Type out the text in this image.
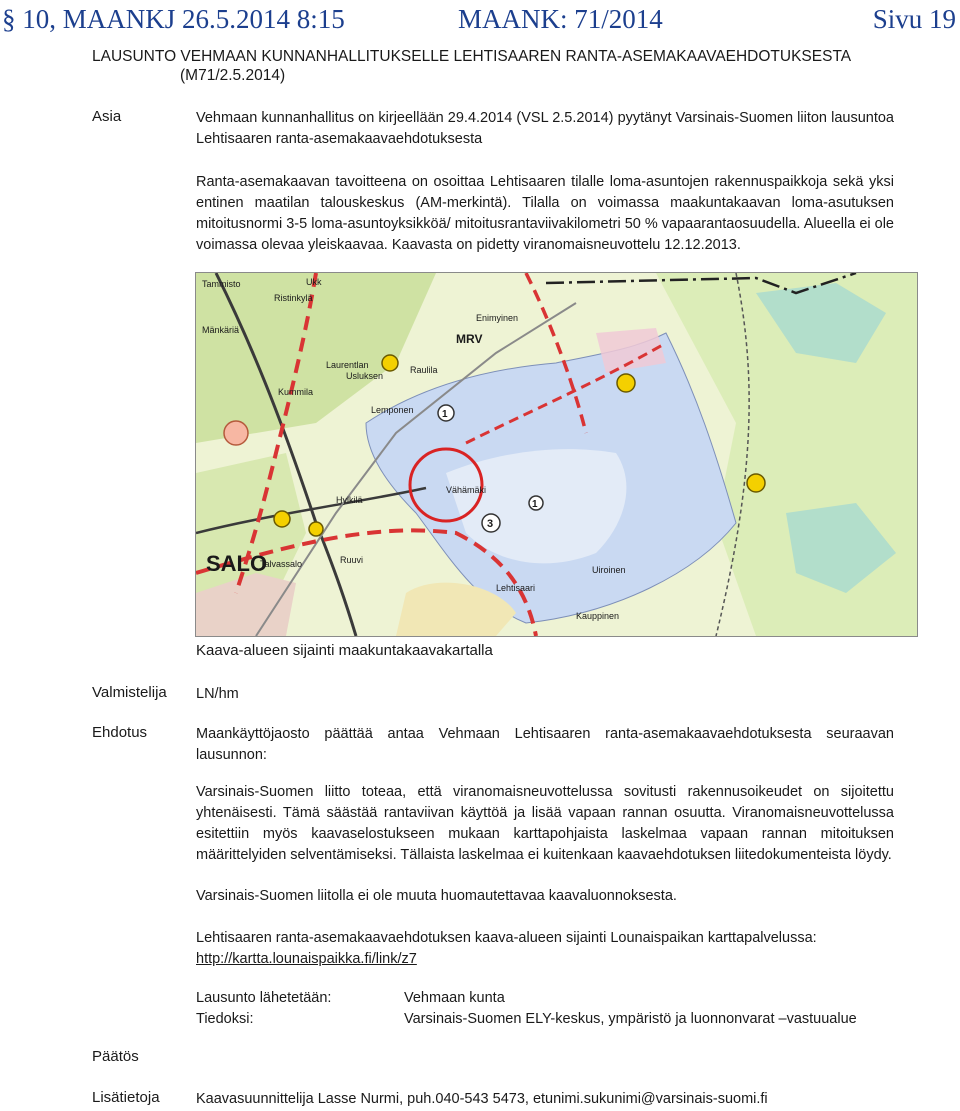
§ 10, MAANKJ 26.5.2014 8:15	MAANK: 71/2014	Sivu 19
LAUSUNTO VEHMAAN KUNNANHALLITUKSELLE LEHTISAAREN RANTA-ASEMAKAAVAEHDOTUKSESTA
(M71/2.5.2014)
Asia	Vehmaan kunnanhallitus on kirjeellään 29.4.2014 (VSL 2.5.2014) pyytänyt Varsinais-Suomen liiton lausuntoa Lehtisaaren ranta-asemakaavaehdotuksesta

Ranta-asemakaavan tavoitteena on osoittaa Lehtisaaren tilalle loma-asuntojen rakennuspaikkoja sekä yksi entinen maatilan talouskeskus (AM-merkintä). Tilalla on voimassa maakuntakaavan loma-asutuksen mitoitusnormi 3-5 loma-asuntoyksikköä/ mitoitusrantaviivakilometri 50 % vapaarantaosuudella. Alueella ei ole voimassa olevaa yleiskaavaa. Kaavasta on pidetty viranomaisneuvottelu 12.12.2013.

SALO
MRV
Ukk
Tammisto
Ristinkylä
Mänkäriä
Laurentlan
Usluksen
Raulila
Enimyinen
Lemponen
Kummila
Vähämäki
Hylkilä
Talvassalo	Ruuvi
Lehtisaari
Kauppinen
Uiroinen
1
1
3
Kaava-alueen sijainti maakuntakaavakartalla
Valmistelija LN/hm
Ehdotus	Maankäyttöjaosto päättää antaa Vehmaan Lehtisaaren ranta-asemakaavaehdotuksesta seuraavan lausunnon:

Varsinais-Suomen liitto toteaa, että viranomaisneuvottelussa sovitusti rakennusoikeudet on sijoitettu yhtenäisesti. Tämä säästää rantaviivan käyttöä ja lisää vapaan rannan osuutta. Viranomaisneuvottelussa esitettiin myös kaavaselostukseen mukaan karttapohjaista laskelmaa vapaan rannan mitoituksen määrittelyiden selventämiseksi. Tällaista laskelmaa ei kuitenkaan kaavaehdotuksen liitedokumenteista löydy.

Varsinais-Suomen liitolla ei ole muuta huomautettavaa kaavaluonnoksesta.

Lehtisaaren ranta-asemakaavaehdotuksen kaava-alueen sijainti Lounaispaikan karttapalvelussa:

http://kartta.lounaispaikka.fi/link/z7

Lausunto lähetetään:	Vehmaan kunta
Tiedoksi:	Varsinais-Suomen ELY-keskus, ympäristö ja luonnonvarat –vastuualue
Päätös
Lisätietoja	Kaavasuunnittelija Lasse Nurmi, puh.040-543 5473, etunimi.sukunimi@varsinais-suomi.fi
